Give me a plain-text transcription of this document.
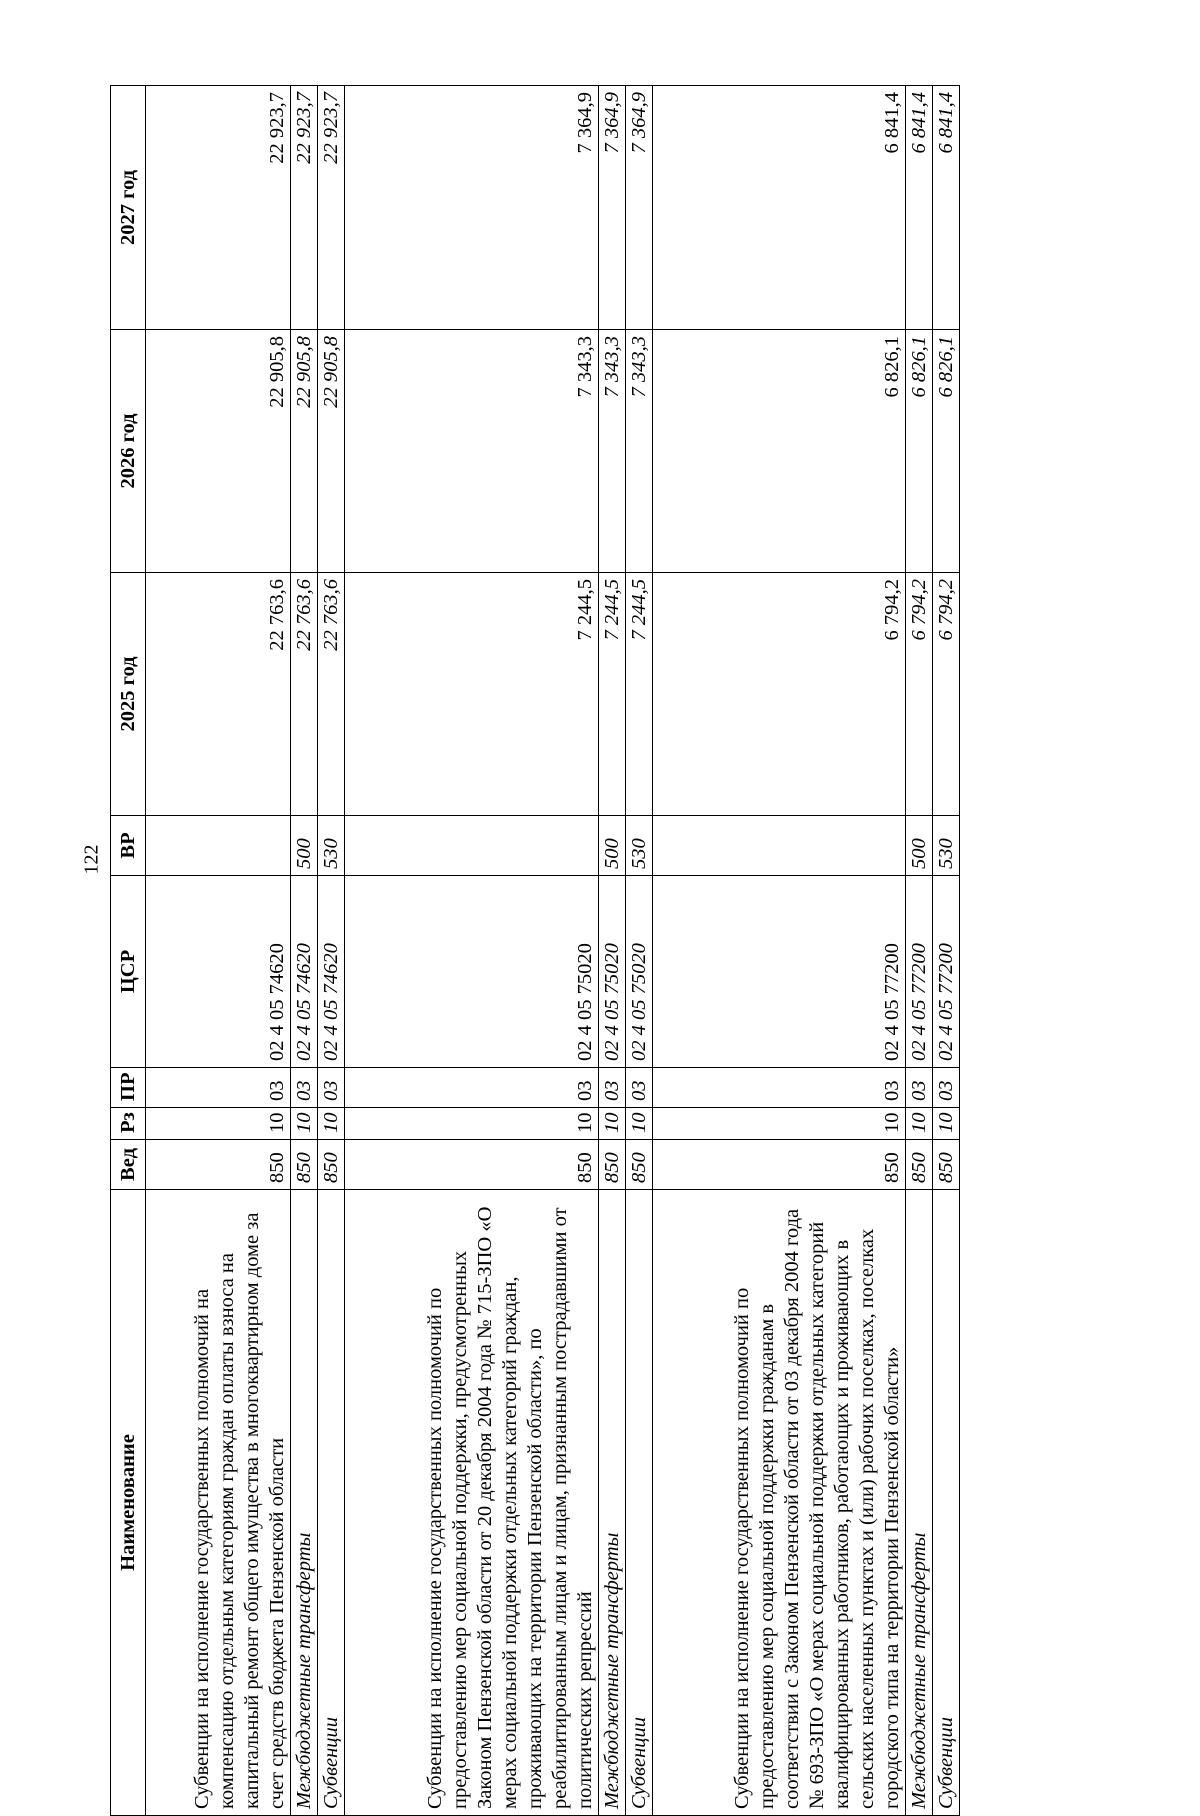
122
Наименование	Вед	Рз	ПР	ЦСР	ВР	2025 год	2026 год	2027 год
Субвенции на исполнение государственных полномочий на компенсацию отдельным категориям граждан оплаты взноса на капитальный ремонт общего имущества в многоквартирном доме за счет средств бюджета Пензенской области	850	10	03	02 4 05 74620		22 763,6	22 905,8	22 923,7
Межбюджетные трансферты	850	10	03	02 4 05 74620	500	22 763,6	22 905,8	22 923,7
Субвенции	850	10	03	02 4 05 74620	530	22 763,6	22 905,8	22 923,7
Субвенции на исполнение государственных полномочий по предоставлению мер социальной поддержки, предусмотренных Законом Пензенской области от 20 декабря 2004 года № 715-ЗПО «О мерах социальной поддержки отдельных категорий граждан, проживающих на территории Пензенской области», по реабилитированным лицам и лицам, признанным пострадавшими от политических репрессий	850	10	03	02 4 05 75020		7 244,5	7 343,3	7 364,9
Межбюджетные трансферты	850	10	03	02 4 05 75020	500	7 244,5	7 343,3	7 364,9
Субвенции	850	10	03	02 4 05 75020	530	7 244,5	7 343,3	7 364,9
Субвенции на исполнение государственных полномочий по предоставлению мер социальной поддержки гражданам в соответствии с Законом Пензенской области от 03 декабря 2004 года № 693-ЗПО «О мерах социальной поддержки отдельных категорий квалифицированных работников, работающих и проживающих в сельских населенных пунктах и (или) рабочих поселках, поселках городского типа на территории Пензенской области»	850	10	03	02 4 05 77200		6 794,2	6 826,1	6 841,4
Межбюджетные трансферты	850	10	03	02 4 05 77200	500	6 794,2	6 826,1	6 841,4
Субвенции	850	10	03	02 4 05 77200	530	6 794,2	6 826,1	6 841,4
